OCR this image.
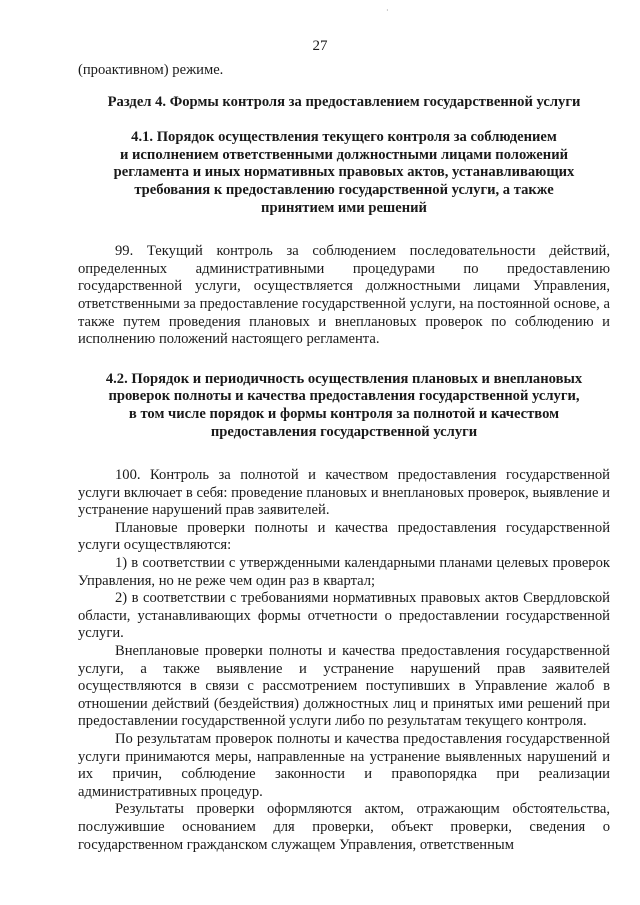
·
27

(проактивном) режиме.

Раздел 4. Формы контроля за предоставлением государственной услуги
4.1. Порядок осуществления текущего контроля за соблюдением
и исполнением ответственными должностными лицами положений
регламента и иных нормативных правовых актов, устанавливающих
требования к предоставлению государственной услуги, а также
принятием ими решений

99. Текущий контроль за соблюдением последовательности действий, определенных административными процедурами по предоставлению государственной услуги, осуществляется должностными лицами Управления, ответственными за предоставление государственной услуги, на постоянной основе, а также путем проведения плановых и внеплановых проверок по соблюдению и исполнению положений настоящего регламента.

4.2. Порядок и периодичность осуществления плановых и внеплановых
проверок полноты и качества предоставления государственной услуги,
в том числе порядок и формы контроля за полнотой и качеством
предоставления государственной услуги

100. Контроль за полнотой и качеством предоставления государственной услуги включает в себя: проведение плановых и внеплановых проверок, выявление и устранение нарушений прав заявителей.

Плановые проверки полноты и качества предоставления государственной услуги осуществляются:

1) в соответствии с утвержденными календарными планами целевых проверок Управления, но не реже чем один раз в квартал;

2) в соответствии с требованиями нормативных правовых актов Свердловской области, устанавливающих формы отчетности о предоставлении государственной услуги.

Внеплановые проверки полноты и качества предоставления государственной услуги, а также выявление и устранение нарушений прав заявителей осуществляются в связи с рассмотрением поступивших в Управление жалоб в отношении действий (бездействия) должностных лиц и принятых ими решений при предоставлении государственной услуги либо по результатам текущего контроля.

По результатам проверок полноты и качества предоставления государственной услуги принимаются меры, направленные на устранение выявленных нарушений и их причин, соблюдение законности и правопорядка при реализации административных процедур.

Результаты проверки оформляются актом, отражающим обстоятельства, послужившие основанием для проверки, объект проверки, сведения о государственном гражданском служащем Управления, ответственным
